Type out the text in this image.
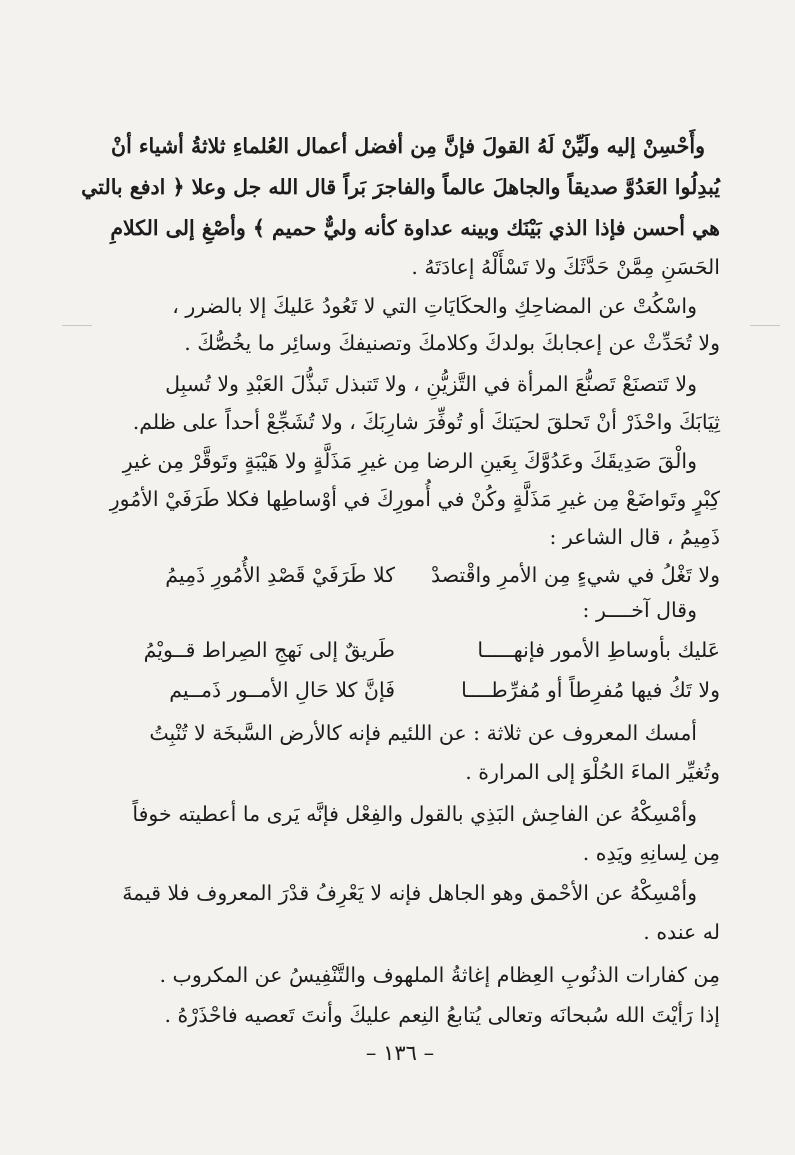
وأَحْسِنْ إليه ولَيِّنْ لَهُ القولَ فإنَّ مِن أفضل أعمال العُلماءِ ثلاثةُ أشياء أنْ
يُبدِلُوا العَدُوَّ صديقاً والجاهلَ عالماً والفاجرَ بَراً قال الله جل وعلا ﴿ ادفع بالتي
هي أحسن فإذا الذي بَيْنَك وبينه عداوة كأنه وليٌّ حميم ﴾ وأصْغِ إلى الكلامِ
الحَسَنِ مِمَّنْ حَدَّثَكَ ولا تَسْأَلْهُ إعادَتَهُ .
واسْكُتْ عن المضاحِكِ والحكَايَاتِ التي لا تَعُودُ عَليكَ إلا بالضرر ،
ولا تُحَدِّثْ عن إعجابكَ بولدكَ وكلامكَ وتصنيفكَ وسائِر ما يخُصُّكَ .
ولا تَتصنَعْ تَصنُّعَ المرأة في التَّزيُّنِ ، ولا تَتبذل تَبذُّلَ العَبْدِ ولا تُسبِل
ثِيَابَكَ واحْذَرْ أنْ تَحلقَ لحيَتكَ أو تُوفِّرَ شارِبَكَ ، ولا تُشَجِّعْ أحداً على ظلم.
والْقَ صَدِيقَكَ وعَدُوَّكَ بِعَينِ الرضا مِن غيرِ مَذَلَّةٍ ولا هَيْبَةٍ وتَوقَّرْ مِن غيرِ
كِبْرٍ وتَواضَعْ مِن غيرِ مَذَلَّةٍ وكُنْ في أُمورِكَ في أوْساطِها فكلا طَرَفَيْ الأمُورِ
ذَمِيمُ ، قال الشاعر :
ولا تَغْلُ في شيءٍ مِن الأمرِ واقْتصدْ
كلا طَرَفَيْ قَصْدِ الأُمُورِ ذَمِيمُ
وقال آخــــر :
عَليك بأوساطِ الأمور فإنهـــــا
طَريقٌ إلى نَهجِ الصِراط قــويْمُ
ولا تَكُ فيها مُفرِطاً أو مُفرِّطــــا
فَإنَّ كلا حَالِ الأمــور ذَمــيم
أمسك المعروف عن ثلاثة : عن اللئيم فإنه كالأرض السَّبخَة لا تُنْبِتُ
وتُغيِّر الماءَ الحُلْوَ إلى المرارة .
وأمْسِكْهُ عن الفاحِش البَذِي بالقول والفِعْل فإنَّه يَرى ما أعطيته خوفاً
مِن لِسانِهِ ويَدِه .
وأمْسِكْهُ عن الأحْمق وهو الجاهل فإنه لا يَعْرِفُ قدْرَ المعروف فلا قيمةَ
له عنده .
مِن كفارات الذنُوبِ العِظام إغاثةُ الملهوف والتَّنْفِيسُ عن المكروب .
إذا رَأيْتَ الله سُبحانَه وتعالى يُتابعُ النِعم عليكَ وأنتَ تَعصيه فاحْذَرْهُ .
– ١٣٦ –
